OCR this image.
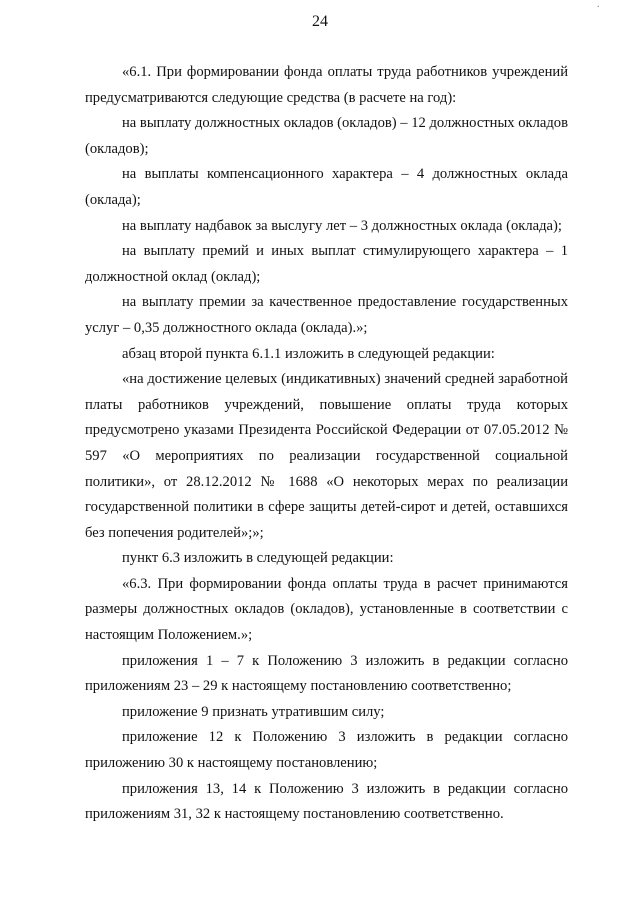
·
24

«6.1. При формировании фонда оплаты труда работников учреждений предусматриваются следующие средства (в расчете на год):

на выплату должностных окладов (окладов) – 12 должностных окладов (окладов);

на выплаты компенсационного характера – 4 должностных оклада (оклада);

на выплату надбавок за выслугу лет – 3 должностных оклада (оклада);

на выплату премий и иных выплат стимулирующего характера – 1 должностной оклад (оклад);

на выплату премии за качественное предоставление государственных услуг – 0,35 должностного оклада (оклада).»;

абзац второй пункта 6.1.1 изложить в следующей редакции:

«на достижение целевых (индикативных) значений средней заработной платы работников учреждений, повышение оплаты труда которых предусмотрено указами Президента Российской Федерации от 07.05.2012 № 597 «О мероприятиях по реализации государственной социальной политики», от 28.12.2012 № 1688 «О некоторых мерах по реализации государственной политики в сфере защиты детей-сирот и детей, оставшихся без попечения родителей»;»;

пункт 6.3 изложить в следующей редакции:

«6.3. При формировании фонда оплаты труда в расчет принимаются размеры должностных окладов (окладов), установленные в соответствии с настоящим Положением.»;

приложения 1 – 7 к Положению 3 изложить в редакции согласно приложениям 23 – 29 к настоящему постановлению соответственно;

приложение 9 признать утратившим силу;

приложение 12 к Положению 3 изложить в редакции согласно приложению 30 к настоящему постановлению;

приложения 13, 14 к Положению 3 изложить в редакции согласно приложениям 31, 32 к настоящему постановлению соответственно.
